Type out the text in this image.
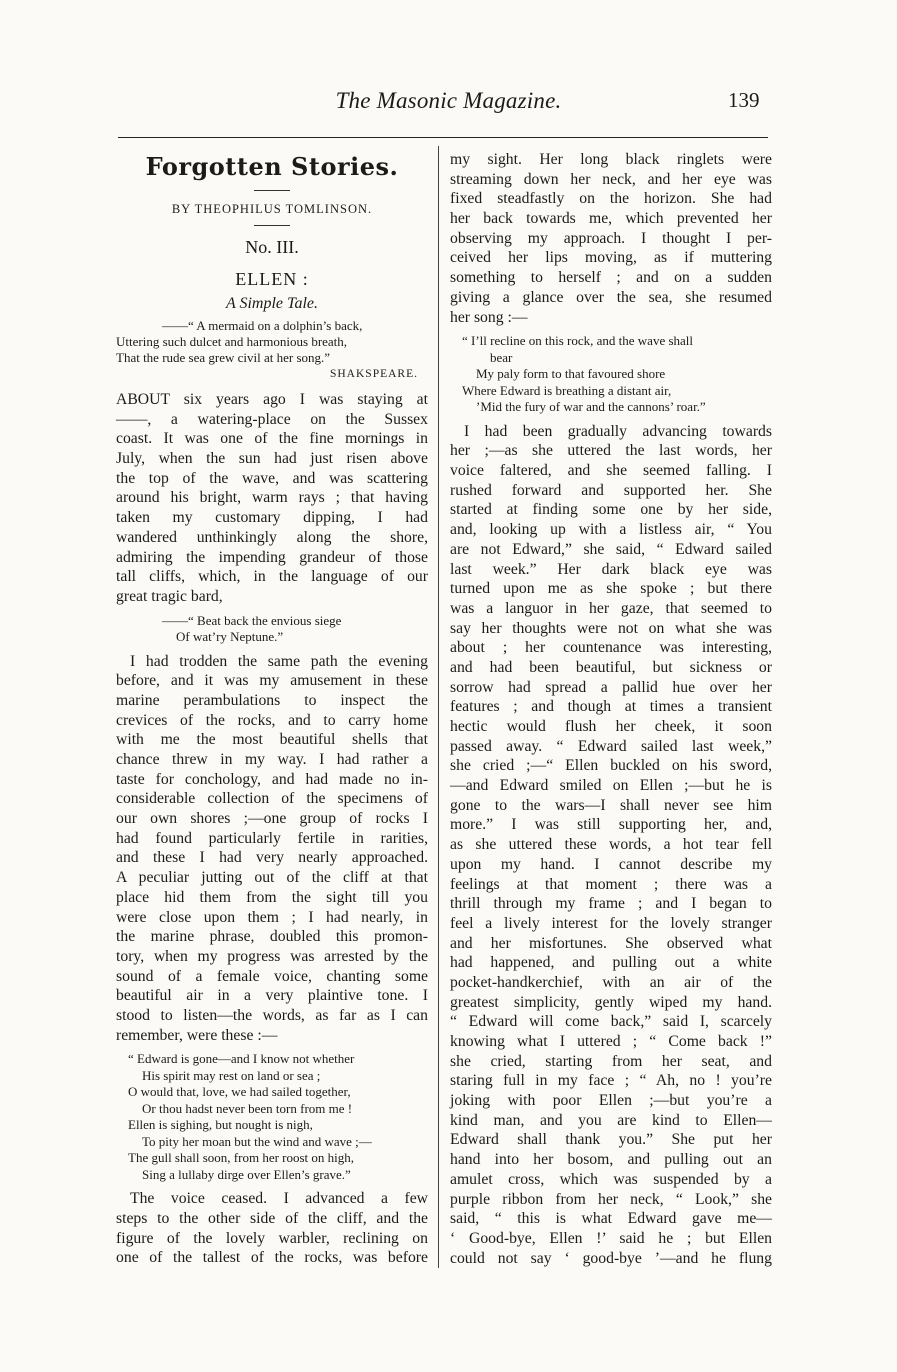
The Masonic Magazine.	139
Forgotten Stories.
BY THEOPHILUS TOMLINSON.
No. III.
ELLEN :
A Simple Tale.
——“ A mermaid on a dolphin’s back,
Uttering such dulcet and harmonious breath,
That the rude sea grew civil at her song.”
SHAKSPEARE.
ABOUT six years ago I was staying at
——, a watering-place on the Sussex
coast. It was one of the fine mornings in
July, when the sun had just risen above
the top of the wave, and was scattering
around his bright, warm rays ; that having
taken my customary dipping, I had
wandered unthinkingly along the shore,
admiring the impending grandeur of those
tall cliffs, which, in the language of our
great tragic bard,
——“ Beat back the envious siege
Of wat’ry Neptune.”
I had trodden the same path the evening
before, and it was my amusement in these
marine perambulations to inspect the
crevices of the rocks, and to carry home
with me the most beautiful shells that
chance threw in my way. I had rather a
taste for conchology, and had made no in-
considerable collection of the specimens of
our own shores ;—one group of rocks I
had found particularly fertile in rarities,
and these I had very nearly approached.
A peculiar jutting out of the cliff at that
place hid them from the sight till you
were close upon them ; I had nearly, in
the marine phrase, doubled this promon-
tory, when my progress was arrested by the
sound of a female voice, chanting some
beautiful air in a very plaintive tone. I
stood to listen—the words, as far as I can
remember, were these :—
“ Edward is gone—and I know not whether
His spirit may rest on land or sea ;
O would that, love, we had sailed together,
Or thou hadst never been torn from me !
Ellen is sighing, but nought is nigh,
To pity her moan but the wind and wave ;—
The gull shall soon, from her roost on high,
Sing a lullaby dirge over Ellen’s grave.”
The voice ceased. I advanced a few
steps to the other side of the cliff, and the
figure of the lovely warbler, reclining on
one of the tallest of the rocks, was before
my sight. Her long black ringlets were
streaming down her neck, and her eye was
fixed steadfastly on the horizon. She had
her back towards me, which prevented her
observing my approach. I thought I per-
ceived her lips moving, as if muttering
something to herself ; and on a sudden
giving a glance over the sea, she resumed
her song :—
“ I’ll recline on this rock, and the wave shall
bear
My paly form to that favoured shore
Where Edward is breathing a distant air,
’Mid the fury of war and the cannons’ roar.”
I had been gradually advancing towards
her ;—as she uttered the last words, her
voice faltered, and she seemed falling. I
rushed forward and supported her. She
started at finding some one by her side,
and, looking up with a listless air, “ You
are not Edward,” she said, “ Edward sailed
last week.” Her dark black eye was
turned upon me as she spoke ; but there
was a languor in her gaze, that seemed to
say her thoughts were not on what she was
about ; her countenance was interesting,
and had been beautiful, but sickness or
sorrow had spread a pallid hue over her
features ; and though at times a transient
hectic would flush her cheek, it soon
passed away. “ Edward sailed last week,”
she cried ;—“ Ellen buckled on his sword,
—and Edward smiled on Ellen ;—but he is
gone to the wars—I shall never see him
more.” I was still supporting her, and,
as she uttered these words, a hot tear fell
upon my hand. I cannot describe my
feelings at that moment ; there was a
thrill through my frame ; and I began to
feel a lively interest for the lovely stranger
and her misfortunes. She observed what
had happened, and pulling out a white
pocket-handkerchief, with an air of the
greatest simplicity, gently wiped my hand.
“ Edward will come back,” said I, scarcely
knowing what I uttered ; “ Come back !”
she cried, starting from her seat, and
staring full in my face ; “ Ah, no ! you’re
joking with poor Ellen ;—but you’re a
kind man, and you are kind to Ellen—
Edward shall thank you.” She put her
hand into her bosom, and pulling out an
amulet cross, which was suspended by a
purple ribbon from her neck, “ Look,” she
said, “ this is what Edward gave me—
‘ Good-bye, Ellen !’ said he ; but Ellen
could not say ‘ good-bye ’—and he flung
